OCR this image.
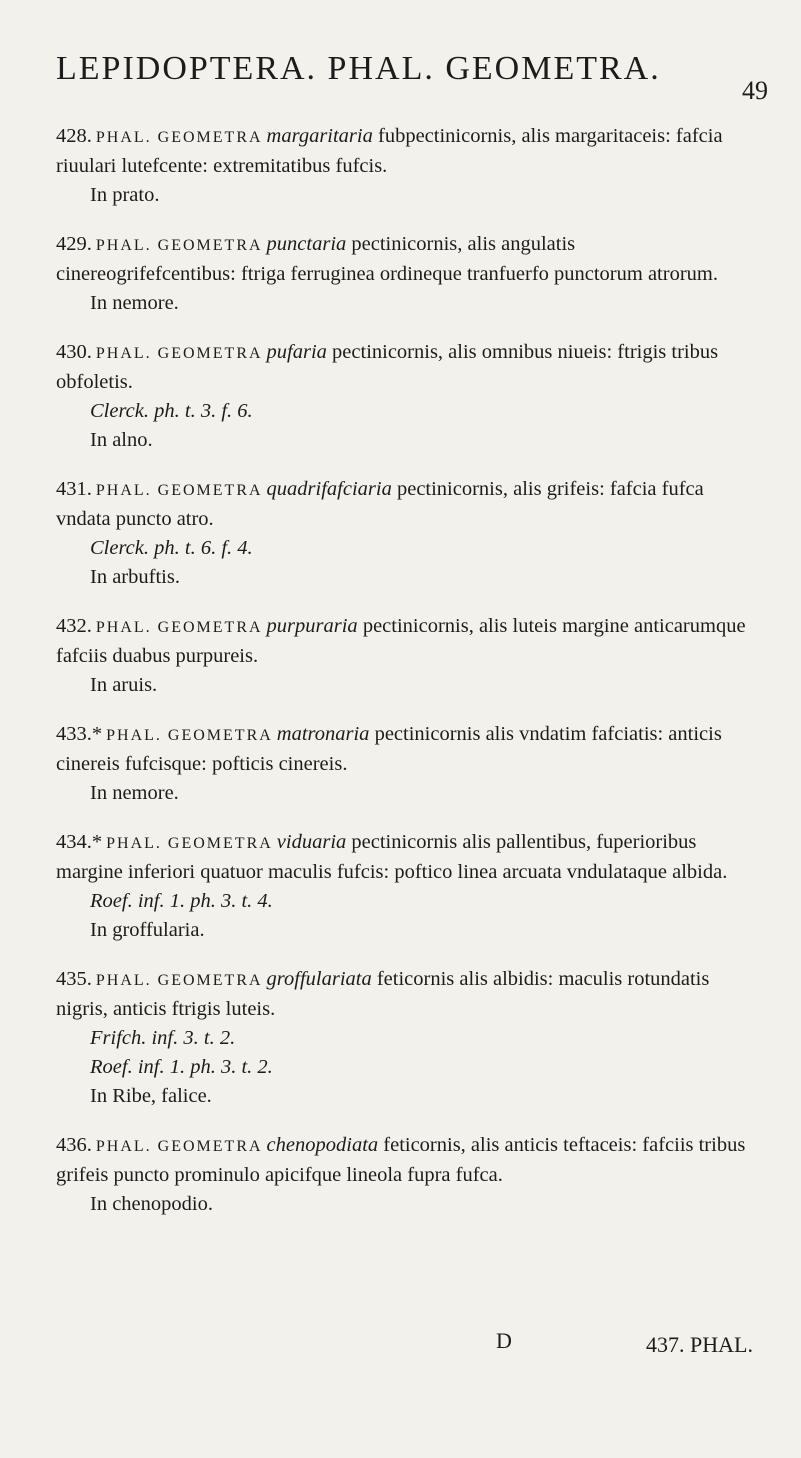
LEPIDOPTERA. PHAL. GEOMETRA.
49

428. PHAL. GEOMETRA margaritaria fubpectinicornis, alis margaritaceis: fafcia riuulari lutefcente: extremitatibus fufcis.

In prato.

429. PHAL. GEOMETRA punctaria pectinicornis, alis angulatis cinereogrifefcentibus: ftriga ferruginea ordineque tranfuerfo punctorum atrorum.

In nemore.

430. PHAL. GEOMETRA pufaria pectinicornis, alis omnibus niueis: ftrigis tribus obfoletis.

Clerck. ph. t. 3. f. 6.
In alno.

431. PHAL. GEOMETRA quadrifafciaria pectinicornis, alis grifeis: fafcia fufca vndata puncto atro.

Clerck. ph. t. 6. f. 4.
In arbuftis.

432. PHAL. GEOMETRA purpuraria pectinicornis, alis luteis margine anticarumque fafciis duabus purpureis.

In aruis.

433.* PHAL. GEOMETRA matronaria pectinicornis alis vndatim fafciatis: anticis cinereis fufcisque: pofticis cinereis.

In nemore.

434.* PHAL. GEOMETRA viduaria pectinicornis alis pallentibus, fuperioribus margine inferiori quatuor maculis fufcis: poftico linea arcuata vndulataque albida.

Roef. inf. 1. ph. 3. t. 4.
In groffularia.

435. PHAL. GEOMETRA groffulariata feticornis alis albidis: maculis rotundatis nigris, anticis ftrigis luteis.

Frifch. inf. 3. t. 2.
Roef. inf. 1. ph. 3. t. 2.
In Ribe, falice.

436. PHAL. GEOMETRA chenopodiata feticornis, alis anticis teftaceis: fafciis tribus grifeis puncto prominulo apicifque lineola fupra fufca.

In chenopodio.
D	437. PHAL.
